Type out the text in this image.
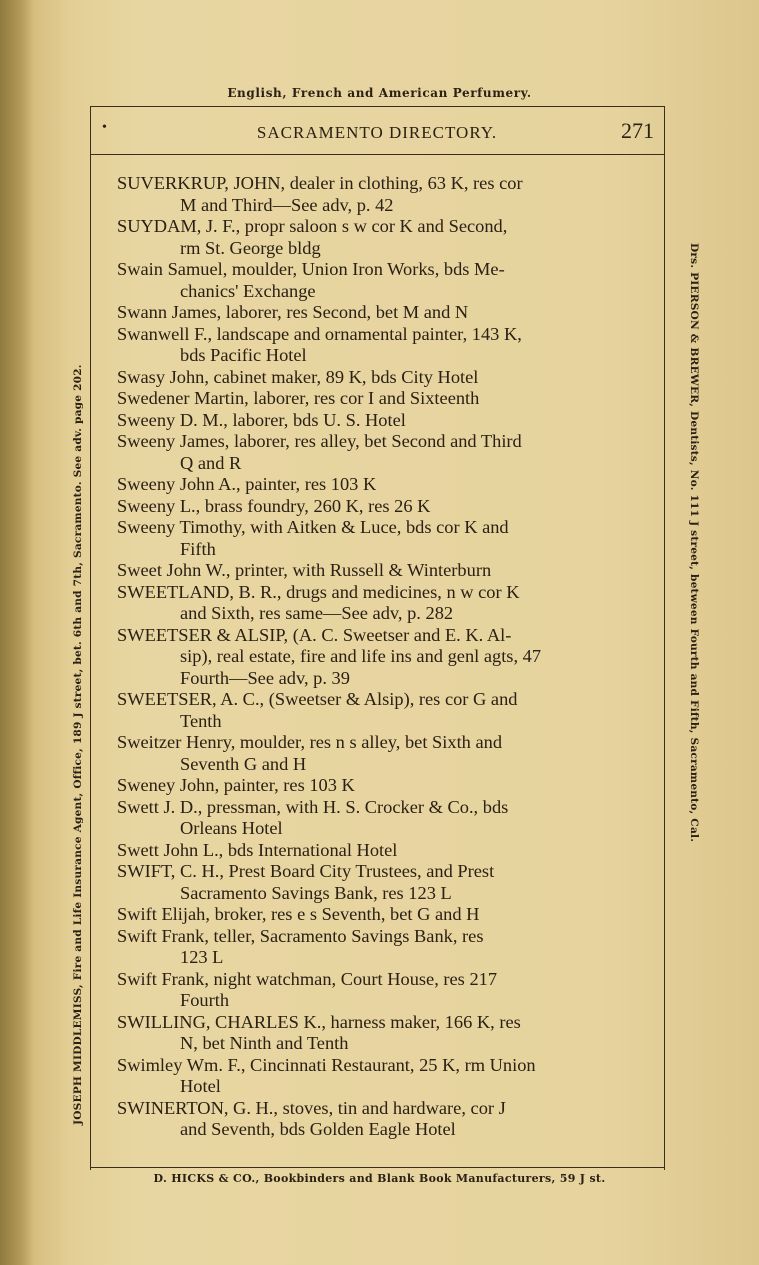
English, French and American Perfumery.
•	SACRAMENTO DIRECTORY.	271
JOSEPH MIDDLEMISS, Fire and Life Insurance Agent, Office, 189 J street, bet. 6th and 7th, Sacramento. See adv. page 202.	Drs. PIERSON & BREWER, Dentists, No. 111 J street, between Fourth and Fifth, Sacramento, Cal.
SUVERKRUP, JOHN, dealer in clothing, 63 K, res cor
M and Third—See adv, p. 42
SUYDAM, J. F., propr saloon s w cor K and Second,
rm St. George bldg
Swain Samuel, moulder, Union Iron Works, bds Me-
chanics' Exchange
Swann James, laborer, res Second, bet M and N
Swanwell F., landscape and ornamental painter, 143 K,
bds Pacific Hotel
Swasy John, cabinet maker, 89 K, bds City Hotel
Swedener Martin, laborer, res cor I and Sixteenth
Sweeny D. M., laborer, bds U. S. Hotel
Sweeny James, laborer, res alley, bet Second and Third
Q and R
Sweeny John A., painter, res 103 K
Sweeny L., brass foundry, 260 K, res 26 K
Sweeny Timothy, with Aitken & Luce, bds cor K and
Fifth
Sweet John W., printer, with Russell & Winterburn
SWEETLAND, B. R., drugs and medicines, n w cor K
and Sixth, res same—See adv, p. 282
SWEETSER & ALSIP, (A. C. Sweetser and E. K. Al-
sip), real estate, fire and life ins and genl agts, 47
Fourth—See adv, p. 39
SWEETSER, A. C., (Sweetser & Alsip), res cor G and
Tenth
Sweitzer Henry, moulder, res n s alley, bet Sixth and
Seventh G and H
Sweney John, painter, res 103 K
Swett J. D., pressman, with H. S. Crocker & Co., bds
Orleans Hotel
Swett John L., bds International Hotel
SWIFT, C. H., Prest Board City Trustees, and Prest
Sacramento Savings Bank, res 123 L
Swift Elijah, broker, res e s Seventh, bet G and H
Swift Frank, teller, Sacramento Savings Bank, res
123 L
Swift Frank, night watchman, Court House, res 217
Fourth
SWILLING, CHARLES K., harness maker, 166 K, res
N, bet Ninth and Tenth
Swimley Wm. F., Cincinnati Restaurant, 25 K, rm Union
Hotel
SWINERTON, G. H., stoves, tin and hardware, cor J
and Seventh, bds Golden Eagle Hotel
D. HICKS & CO., Bookbinders and Blank Book Manufacturers, 59 J st.
